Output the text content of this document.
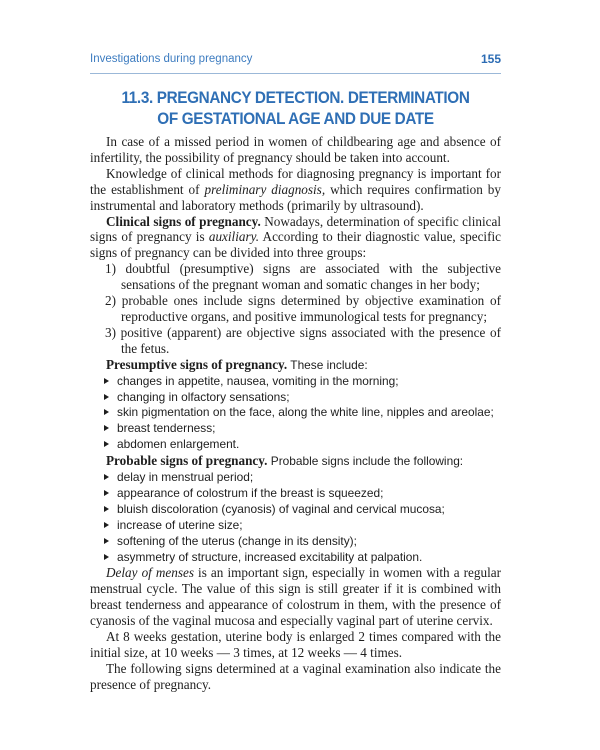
Investigations during pregnancy	155
11.3. PREGNANCY DETECTION. DETERMINATION
OF GESTATIONAL AGE AND DUE DATE

In case of a missed period in women of childbearing age and absence of infertility, the possibility of pregnancy should be taken into account.

Knowledge of clinical methods for diagnosing pregnancy is important for the establishment of preliminary diagnosis, which requires confirmation by instrumental and laboratory methods (primarily by ultrasound).

Clinical signs of pregnancy. Nowadays, determination of specific clinical signs of pregnancy is auxiliary. According to their diagnostic value, specific signs of pregnancy can be divided into three groups:

1) doubtful (presumptive) signs are associated with the subjective sensations of the pregnant woman and somatic changes in her body;

2) probable ones include signs determined by objective examination of reproductive organs, and positive immunological tests for pregnancy;

3) positive (apparent) are objective signs associated with the presence of the fetus.

Presumptive signs of pregnancy. These include:

changes in appetite, nausea, vomiting in the morning;

changing in olfactory sensations;

skin pigmentation on the face, along the white line, nipples and areolae;

breast tenderness;

abdomen enlargement.

Probable signs of pregnancy. Probable signs include the following:

delay in menstrual period;

appearance of colostrum if the breast is squeezed;

bluish discoloration (cyanosis) of vaginal and cervical mucosa;

increase of uterine size;

softening of the uterus (change in its density);

asymmetry of structure, increased excitability at palpation.

Delay of menses is an important sign, especially in women with a regular menstrual cycle. The value of this sign is still greater if it is combined with breast tenderness and appearance of colostrum in them, with the presence of cyanosis of the vaginal mucosa and especially vaginal part of uterine cervix.

At 8 weeks gestation, uterine body is enlarged 2 times compared with the initial size, at 10 weeks — 3 times, at 12 weeks — 4 times.

The following signs determined at a vaginal examination also indicate the presence of pregnancy.
